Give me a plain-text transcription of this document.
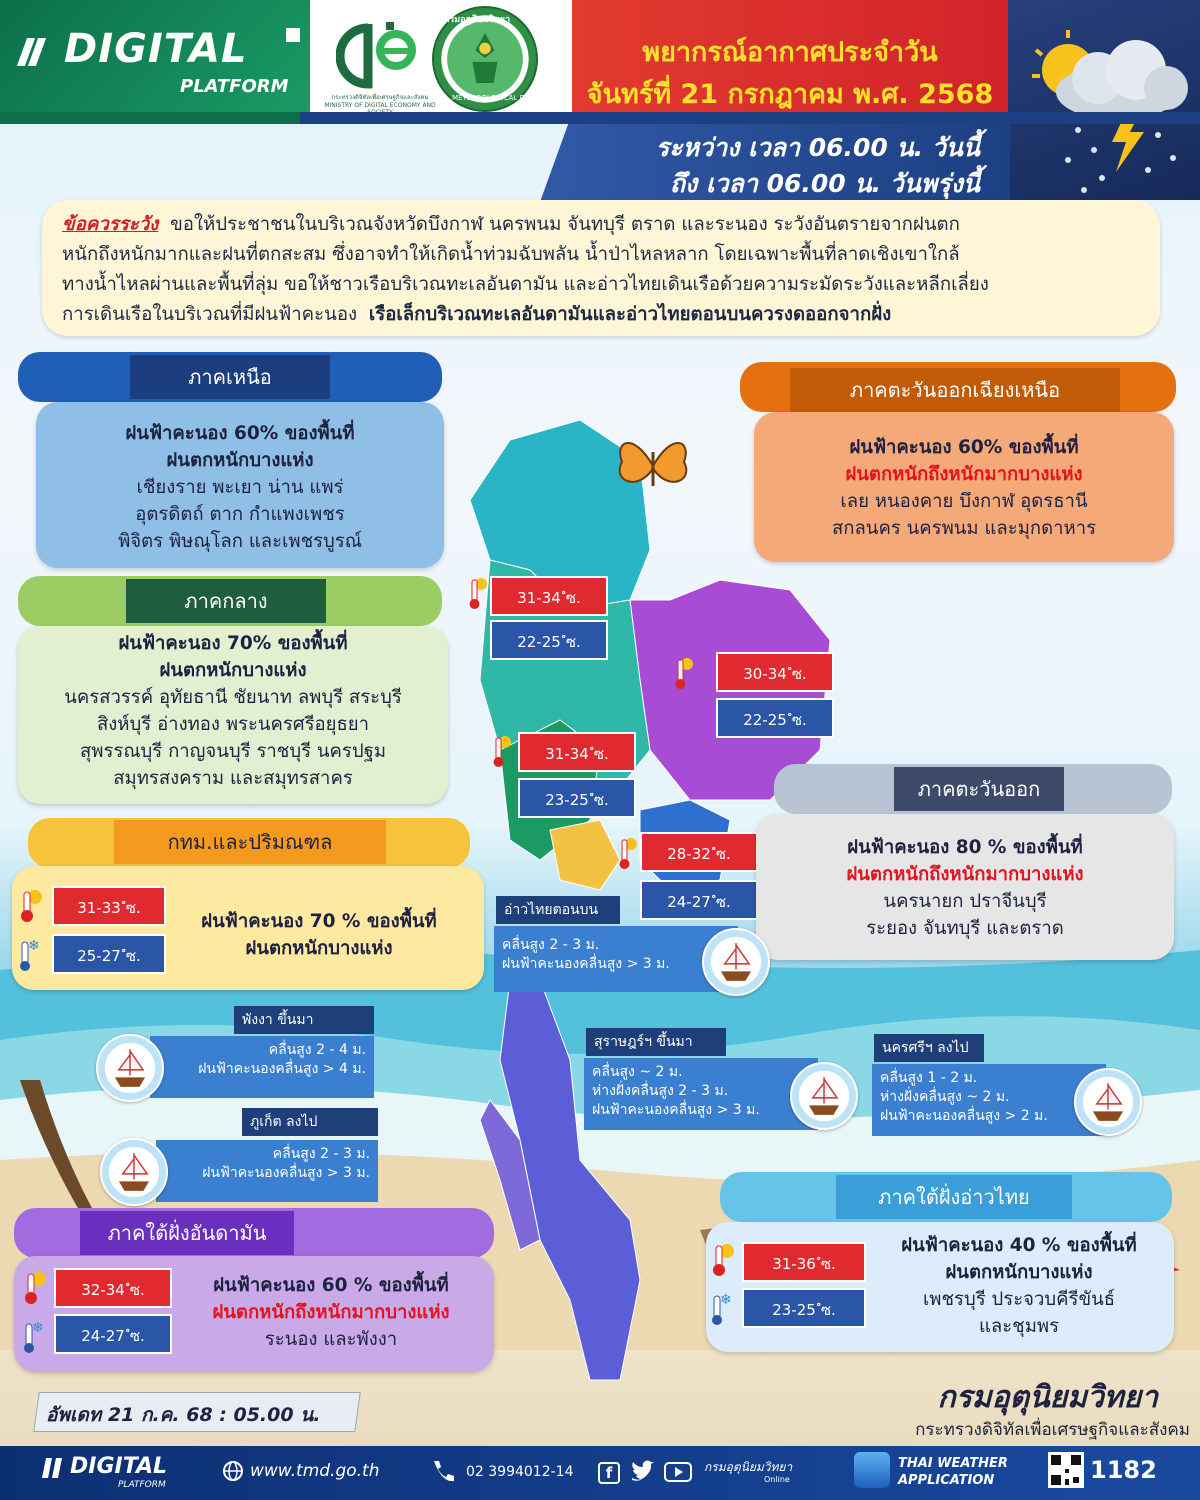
DIGITAL
PLATFORM
กระทรวงดิจิทัลเพื่อเศรษฐกิจและสังคม MINISTRY OF DIGITAL ECONOMY AND
กรมอุตุนิยมวิทยา
METEOROLOGICAL DEPARTMENT
พยากรณ์อากาศประจำวัน
จันทร์ที่ 21 กรกฎาคม พ.ศ. 2568
ระหว่าง เวลา 06.00 น. วันนี้
ถึง เวลา 06.00 น. วันพรุ่งนี้
ข้อควรระวัง ขอให้ประชาชนในบริเวณจังหวัดบึงกาฬ นครพนม จันทบุรี ตราด และระนอง ระวังอันตรายจากฝนตก
หนักถึงหนักมากและฝนที่ตกสะสม ซึ่งอาจทำให้เกิดน้ำท่วมฉับพลัน น้ำป่าไหลหลาก โดยเฉพาะพื้นที่ลาดเชิงเขาใกล้
ทางน้ำไหลผ่านและพื้นที่ลุ่ม ขอให้ชาวเรือบริเวณทะเลอันดามัน และอ่าวไทยเดินเรือด้วยความระมัดระวังและหลีกเลี่ยง
การเดินเรือในบริเวณที่มีฝนฟ้าคะนอง เรือเล็กบริเวณทะเลอันดามันและอ่าวไทยตอนบนควรงดออกจากฝั่ง
ภาคเหนือ
ฝนฟ้าคะนอง 60% ของพื้นที่
ฝนตกหนักบางแห่ง
เชียงราย พะเยา น่าน แพร่
อุตรดิตถ์ ตาก กำแพงเพชร
พิจิตร พิษณุโลก และเพชรบูรณ์
ภาคตะวันออกเฉียงเหนือ
ฝนฟ้าคะนอง 60% ของพื้นที่
ฝนตกหนักถึงหนักมากบางแห่ง
เลย หนองคาย บึงกาฬ อุดรธานี
สกลนคร นครพนม และมุกดาหาร
ภาคกลาง
ฝนฟ้าคะนอง 70% ของพื้นที่
ฝนตกหนักบางแห่ง
นครสวรรค์ อุทัยธานี ชัยนาท ลพบุรี สระบุรี
สิงห์บุรี อ่างทอง พระนครศรีอยุธยา
สุพรรณบุรี กาญจนบุรี ราชบุรี นครปฐม
สมุทรสงคราม และสมุทรสาคร
31-34 ํซ.
22-25 ํซ.
30-34 ํซ.
22-25 ํซ.
31-34 ํซ.
23-25 ํซ.
28-32 ํซ.
24-27 ํซ.
ภาคตะวันออก
ฝนฟ้าคะนอง 80 % ของพื้นที่
ฝนตกหนักถึงหนักมากบางแห่ง
นครนายก ปราจีนบุรี
ระยอง จันทบุรี และตราด
กทม.และปริมณฑล
❄
31-33 ํซ.
25-27 ํซ.
ฝนฟ้าคะนอง 70 % ของพื้นที่
ฝนตกหนักบางแห่ง
อ่าวไทยตอนบน
คลื่นสูง 2 - 3 ม.
ฝนฟ้าคะนองคลื่นสูง > 3 ม.
พังงา ขึ้นมา
คลื่นสูง 2 - 4 ม.
ฝนฟ้าคะนองคลื่นสูง > 4 ม.
ภูเก็ต ลงไป
คลื่นสูง 2 - 3 ม.
ฝนฟ้าคะนองคลื่นสูง > 3 ม.
สุราษฎร์ฯ ขึ้นมา
คลื่นสูง ~ 2 ม.
ห่างฝั่งคลื่นสูง 2 - 3 ม.
ฝนฟ้าคะนองคลื่นสูง > 3 ม.
นครศรีฯ ลงไป
คลื่นสูง 1 - 2 ม.
ห่างฝั่งคลื่นสูง ~ 2 ม.
ฝนฟ้าคะนองคลื่นสูง > 2 ม.
ภาคใต้ฝั่งอ่าวไทย
❄
31-36 ํซ.
23-25 ํซ.
ฝนฟ้าคะนอง 40 % ของพื้นที่
ฝนตกหนักบางแห่ง
เพชรบุรี ประจวบคีรีขันธ์
และชุมพร
ภาคใต้ฝั่งอันดามัน
❄
32-34 ํซ.
24-27 ํซ.
ฝนฟ้าคะนอง 60 % ของพื้นที่
ฝนตกหนักถึงหนักมากบางแห่ง
ระนอง และพังงา
อัพเดท 21 ก.ค. 68 : 05.00 น.	กรมอุตุนิยมวิทยา
กระทรวงดิจิทัลเพื่อเศรษฐกิจและสังคม
DIGITAL
PLATFORM
www.tmd.go.th	02 3994012-14	f	กรมอุตุนิยมวิทยา
Online
THAI WEATHER
APPLICATION	1182
